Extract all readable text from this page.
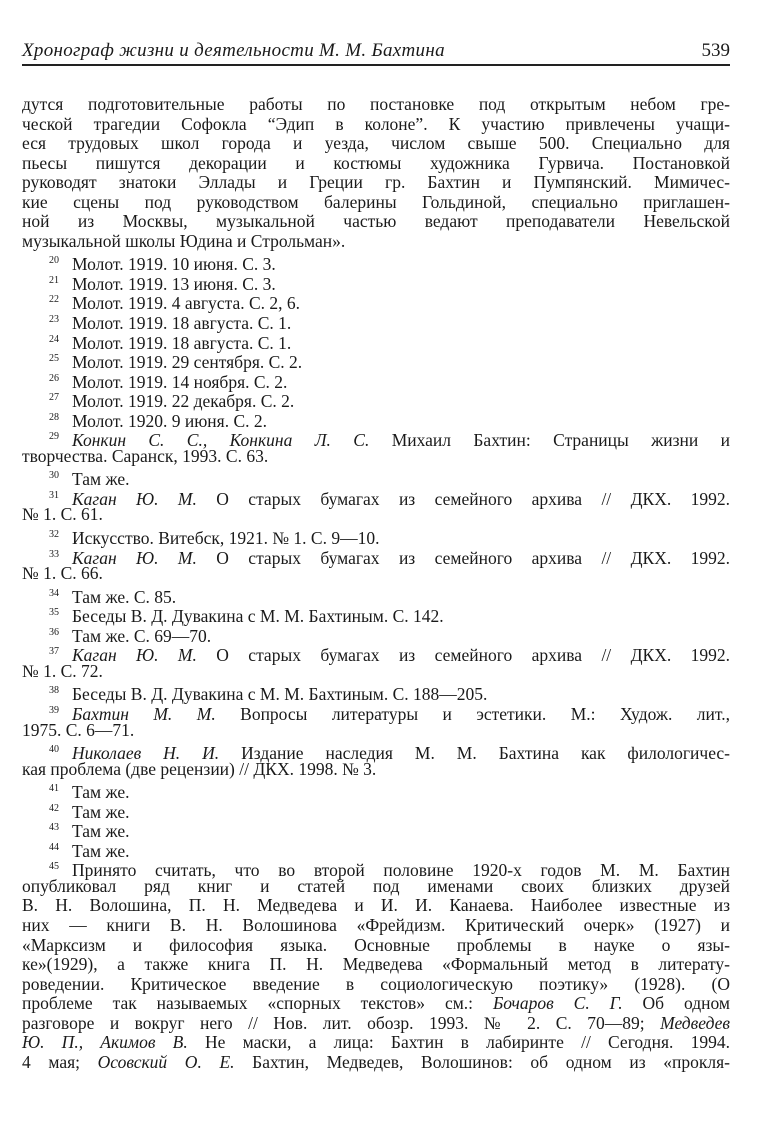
Хронограф жизни и деятельности М. М. Бахтина	539
дутся подготовительные работы по постановке под открытым небом гре-
ческой трагедии Софокла “Эдип в колоне”. К участию привлечены учащи-
еся трудовых школ города и уезда, числом свыше 500. Специально для
пьесы пишутся декорации и костюмы художника Гурвича. Постановкой
руководят знатоки Эллады и Греции гр. Бахтин и Пумпянский. Мимичес-
кие сцены под руководством балерины Гольдиной, специально приглашен-
ной из Москвы, музыкальной частью ведают преподаватели Невельской
музыкальной школы Юдина и Строльман».
20 Молот. 1919. 10 июня. С. 3.
21 Молот. 1919. 13 июня. С. 3.
22 Молот. 1919. 4 августа. С. 2, 6.
23 Молот. 1919. 18 августа. С. 1.
24 Молот. 1919. 18 августа. С. 1.
25 Молот. 1919. 29 сентября. С. 2.
26 Молот. 1919. 14 ноября. С. 2.
27 Молот. 1919. 22 декабря. С. 2.
28 Молот. 1920. 9 июня. С. 2.
29 Конкин С. С., Конкина Л. С. Михаил Бахтин: Страницы жизни и
творчества. Саранск, 1993. С. 63.
30 Там же.
31 Каган Ю. М. О старых бумагах из семейного архива // ДКХ. 1992.
№ 1. С. 61.
32 Искусство. Витебск, 1921. № 1. С. 9—10.
33 Каган Ю. М. О старых бумагах из семейного архива // ДКХ. 1992.
№ 1. С. 66.
34 Там же. С. 85.
35 Беседы В. Д. Дувакина с М. М. Бахтиным. С. 142.
36 Там же. С. 69—70.
37 Каган Ю. М. О старых бумагах из семейного архива // ДКХ. 1992.
№ 1. С. 72.
38 Беседы В. Д. Дувакина с М. М. Бахтиным. С. 188—205.
39 Бахтин М. М. Вопросы литературы и эстетики. М.: Худож. лит.,
1975. С. 6—71.
40 Николаев Н. И. Издание наследия М. М. Бахтина как филологичес-
кая проблема (две рецензии) // ДКХ. 1998. № 3.
41 Там же.
42 Там же.
43 Там же.
44 Там же.
45 Принято считать, что во второй половине 1920-х годов М. М. Бахтин
опубликовал ряд книг и статей под именами своих близких друзей
В. Н. Волошина, П. Н. Медведева и И. И. Канаева. Наиболее известные из
них — книги В. Н. Волошинова «Фрейдизм. Критический очерк» (1927) и
«Марксизм и философия языка. Основные проблемы в науке о язы-
ке»(1929), а также книга П. Н. Медведева «Формальный метод в литерату-
роведении. Критическое введение в социологическую поэтику» (1928). (О
проблеме так называемых «спорных текстов» см.: Бочаров С. Г. Об одном
разговоре и вокруг него // Нов. лит. обозр. 1993. № 2. С. 70—89; Медведев
Ю. П., Акимов В. Не маски, а лица: Бахтин в лабиринте // Сегодня. 1994.
4 мая; Осовский О. Е. Бахтин, Медведев, Волошинов: об одном из «прокля-
